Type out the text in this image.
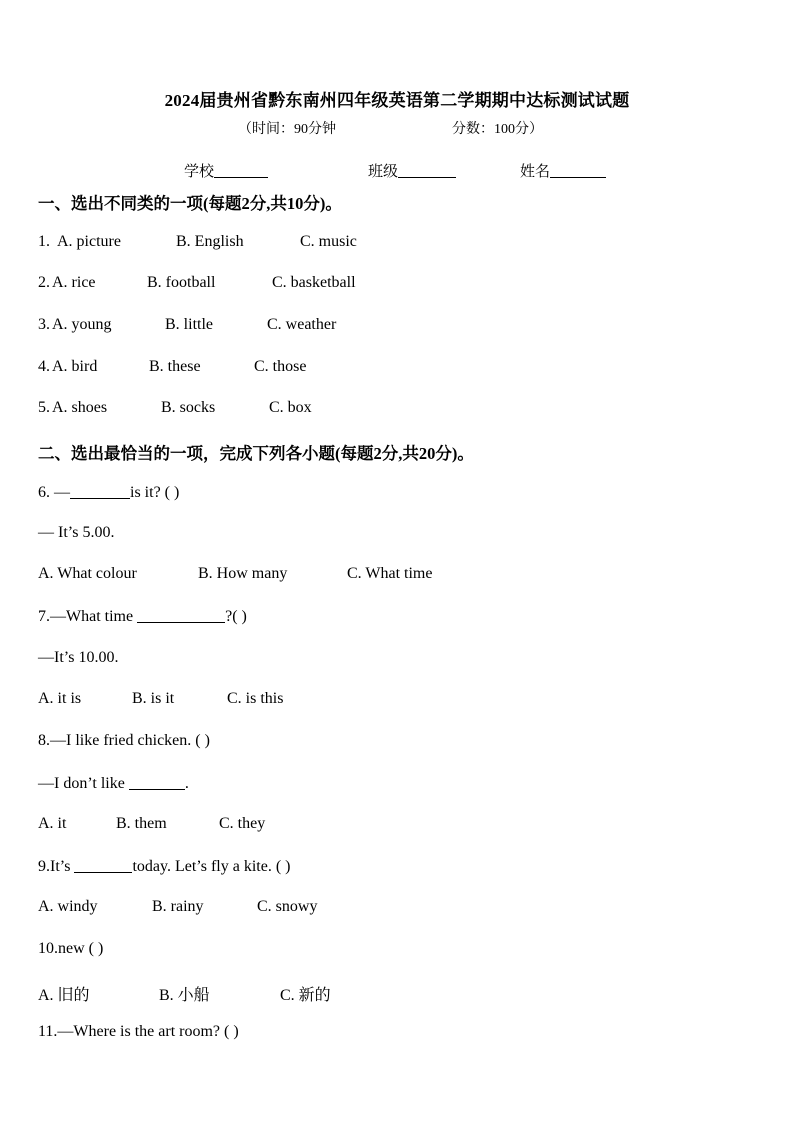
2024届贵州省黔东南州四年级英语第二学期期中达标测试试题
（时间：90分钟	分数：100分）
学校	班级	姓名
一、选出不同类的一项(每题2分,共10分)。
1. A. picture	B. English	C. music
2. A. rice	B. football	C. basketball
3. A. young	B. little	C. weather
4. A. bird	B. these	C. those
5. A. shoes	B. socks	C. box
二、选出最恰当的一项，完成下列各小题(每题2分,共20分)。
6. —	is it? ( )
— It’s 5.00.
A. What colour	B. How many	C. What time
7.—What time	?( )
—It’s 10.00.
A. it is	B. is it	C. is this
8.—I like fried chicken. ( )
—I don’t like	.
A. it	B. them	C. they
9.It’s	today. Let’s fly a kite. ( )
A. windy	B. rainy	C. snowy
10.new ( )
A. 旧的	B. 小船	C. 新的
11.—Where is the art room? ( )
